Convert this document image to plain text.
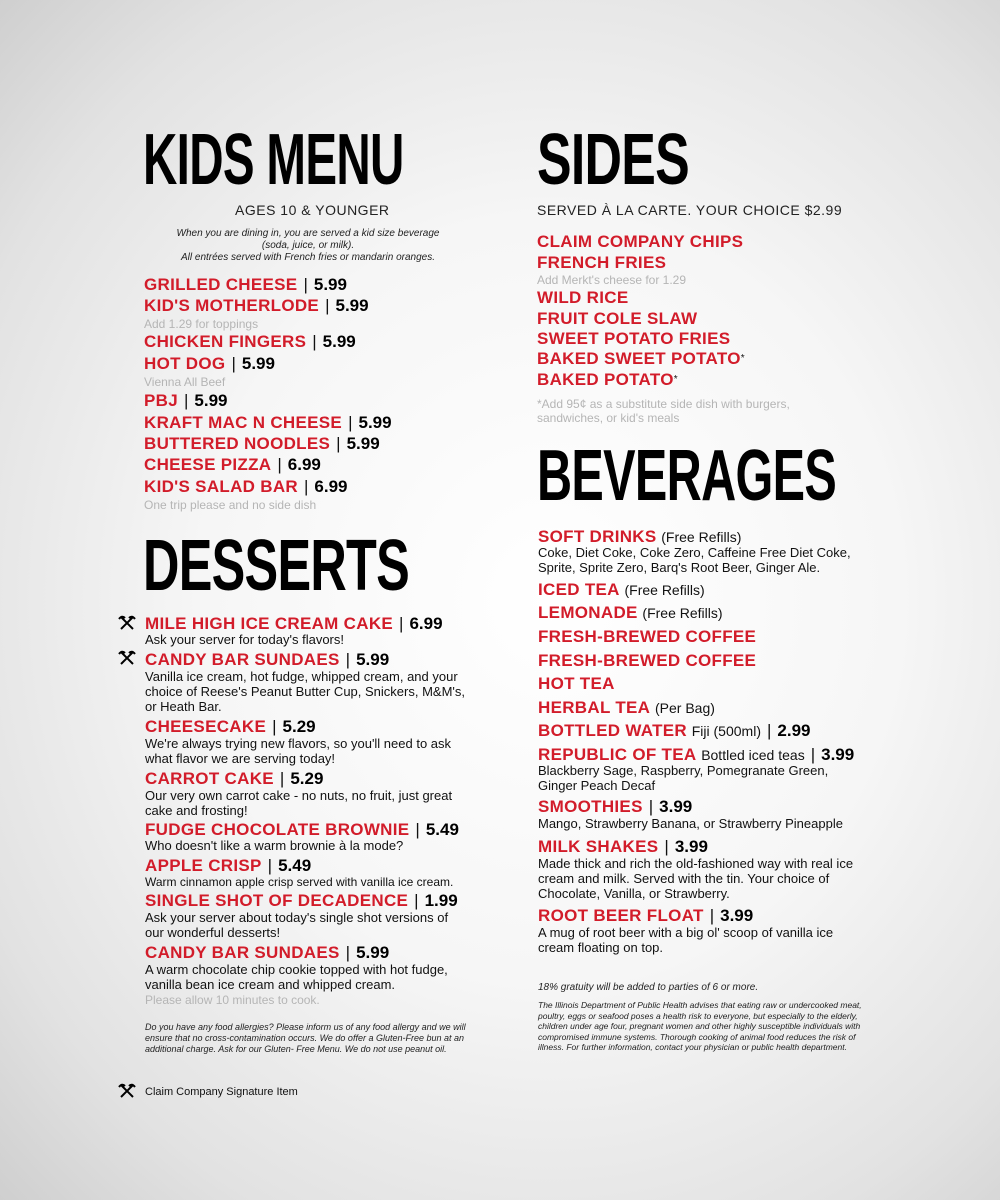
KIDS MENU
AGES 10 & YOUNGER
When you are dining in, you are served a kid size beverage
(soda, juice, or milk).
All entrées served with French fries or mandarin oranges.
GRILLED CHEESE | 5.99
KID'S MOTHERLODE | 5.99
Add 1.29 for toppings
CHICKEN FINGERS | 5.99
HOT DOG | 5.99
Vienna All Beef
PBJ | 5.99
KRAFT MAC N CHEESE | 5.99
BUTTERED NOODLES | 5.99
CHEESE PIZZA | 6.99
KID'S SALAD BAR | 6.99
One trip please and no side dish
DESSERTS
MILE HIGH ICE CREAM CAKE | 6.99
Ask your server for today's flavors!
CANDY BAR SUNDAES | 5.99
Vanilla ice cream, hot fudge, whipped cream, and your choice of Reese's Peanut Butter Cup, Snickers, M&M's, or Heath Bar.
CHEESECAKE | 5.29
We're always trying new flavors, so you'll need to ask what flavor we are serving today!
CARROT CAKE | 5.29
Our very own carrot cake - no nuts, no fruit, just great cake and frosting!
FUDGE CHOCOLATE BROWNIE | 5.49
Who doesn't like a warm brownie à la mode?
APPLE CRISP | 5.49
Warm cinnamon apple crisp served with vanilla ice cream.
SINGLE SHOT OF DECADENCE | 1.99
Ask your server about today's single shot versions of our wonderful desserts!
CANDY BAR SUNDAES | 5.99
A warm chocolate chip cookie topped with hot fudge, vanilla bean ice cream and whipped cream.
Please allow 10 minutes to cook.
Do you have any food allergies? Please inform us of any food allergy and we will ensure that no cross-contamination occurs. We do offer a Gluten-Free bun at an additional charge. Ask for our Gluten- Free Menu. We do not use peanut oil.
Claim Company Signature Item
SIDES
SERVED À LA CARTE. YOUR CHOICE $2.99
CLAIM COMPANY CHIPS
FRENCH FRIES
Add Merkt's cheese for 1.29
WILD RICE
FRUIT COLE SLAW
SWEET POTATO FRIES
BAKED SWEET POTATO*
BAKED POTATO*
*Add 95¢ as a substitute side dish with burgers,
sandwiches, or kid's meals
BEVERAGES
SOFT DRINKS (Free Refills)
Coke, Diet Coke, Coke Zero, Caffeine Free Diet Coke, Sprite, Sprite Zero, Barq's Root Beer, Ginger Ale.
ICED TEA (Free Refills)
LEMONADE (Free Refills)
FRESH-BREWED COFFEE
FRESH-BREWED COFFEE
HOT TEA
HERBAL TEA (Per Bag)
BOTTLED WATER Fiji (500ml) | 2.99
REPUBLIC OF TEA Bottled iced teas | 3.99
Blackberry Sage, Raspberry, Pomegranate Green, Ginger Peach Decaf
SMOOTHIES | 3.99
Mango, Strawberry Banana, or Strawberry Pineapple
MILK SHAKES | 3.99
Made thick and rich the old-fashioned way with real ice cream and milk. Served with the tin. Your choice of Chocolate, Vanilla, or Strawberry.
ROOT BEER FLOAT | 3.99
A mug of root beer with a big ol' scoop of vanilla ice cream floating on top.
18% gratuity will be added to parties of 6 or more.
The Illinois Department of Public Health advises that eating raw or undercooked meat, poultry, eggs or seafood poses a health risk to everyone, but especially to the elderly, children under age four, pregnant women and other highly susceptible individuals with compromised immune systems. Thorough cooking of animal food reduces the risk of illness. For further information, contact your physician or public health department.
